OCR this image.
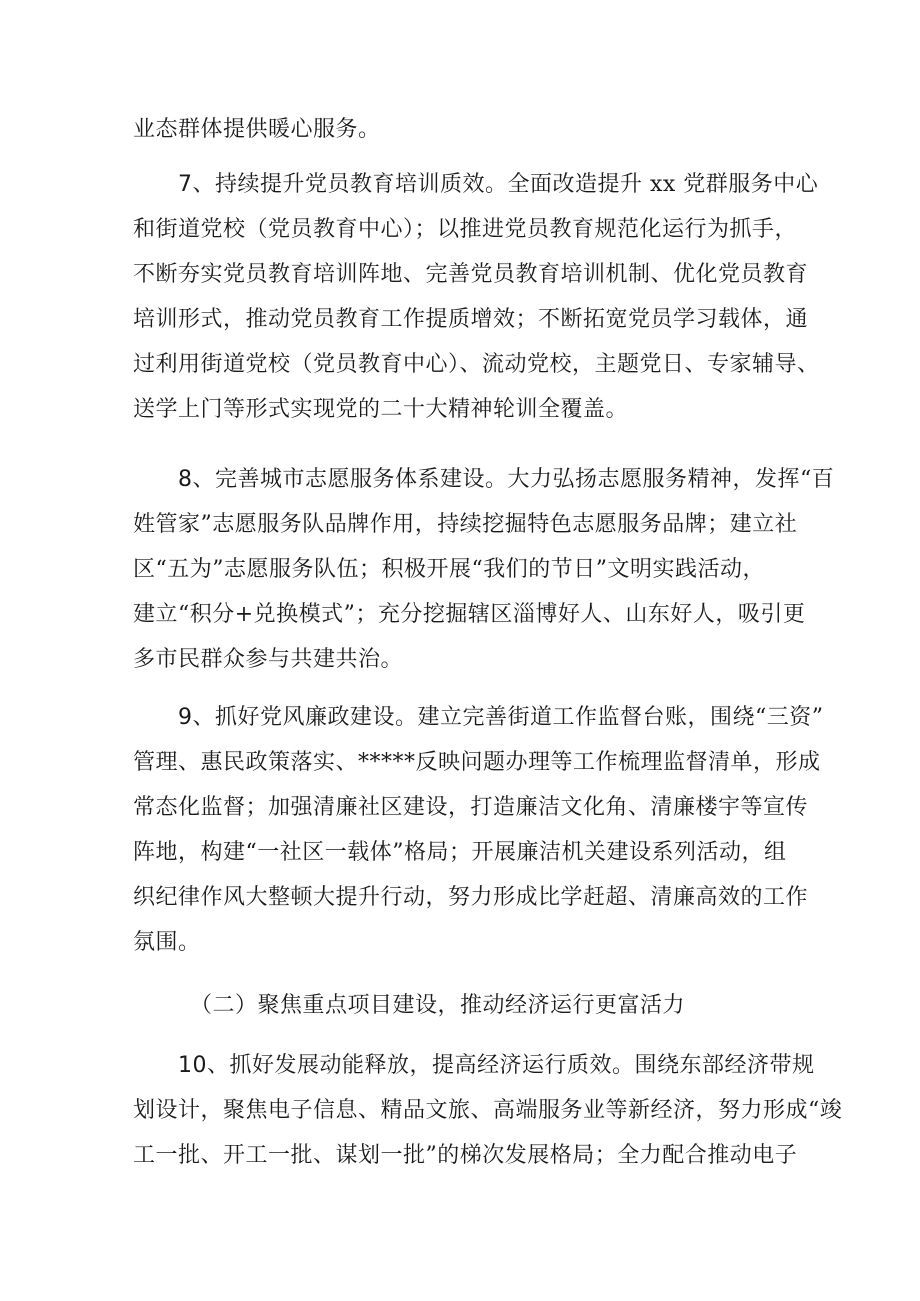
业态群体提供暖心服务。
7、持续提升党员教育培训质效。全面改造提升 xx 党群服务中心
和街道党校（党员教育中心）；以推进党员教育规范化运行为抓手，
不断夯实党员教育培训阵地、完善党员教育培训机制、优化党员教育
培训形式，推动党员教育工作提质增效；不断拓宽党员学习载体，通
过利用街道党校（党员教育中心）、流动党校，主题党日、专家辅导、
送学上门等形式实现党的二十大精神轮训全覆盖。
8、完善城市志愿服务体系建设。大力弘扬志愿服务精神，发挥“百
姓管家”志愿服务队品牌作用，持续挖掘特色志愿服务品牌；建立社
区“五为”志愿服务队伍；积极开展“我们的节日”文明实践活动，
建立“积分+兑换模式”；充分挖掘辖区淄博好人、山东好人，吸引更
多市民群众参与共建共治。
9、抓好党风廉政建设。建立完善街道工作监督台账，围绕“三资”
管理、惠民政策落实、*****反映问题办理等工作梳理监督清单，形成
常态化监督；加强清廉社区建设，打造廉洁文化角、清廉楼宇等宣传
阵地，构建“一社区一载体”格局；开展廉洁机关建设系列活动，组
织纪律作风大整顿大提升行动，努力形成比学赶超、清廉高效的工作
氛围。
（二）聚焦重点项目建设，推动经济运行更富活力
10、抓好发展动能释放，提高经济运行质效。围绕东部经济带规
划设计，聚焦电子信息、精品文旅、高端服务业等新经济，努力形成“竣
工一批、开工一批、谋划一批”的梯次发展格局；全力配合推动电子
